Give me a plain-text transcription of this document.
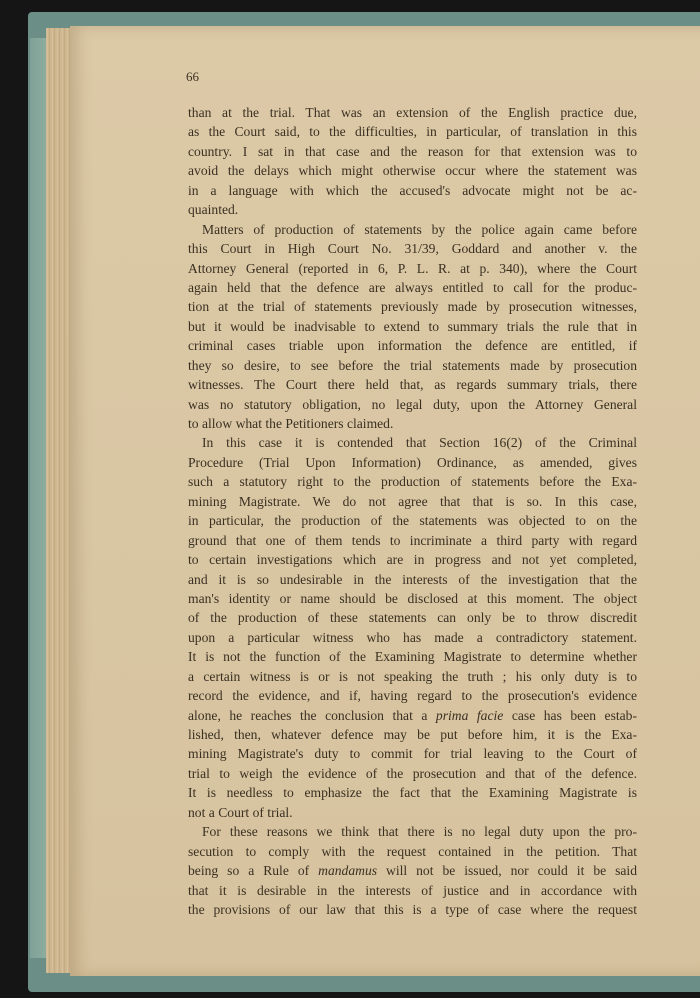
66
than at the trial. That was an extension of the English practice due,
as the Court said, to the difficulties, in particular, of translation in this
country. I sat in that case and the reason for that extension was to
avoid the delays which might otherwise occur where the statement was
in a language with which the accused's advocate might not be ac-
quainted.
Matters of production of statements by the police again came before
this Court in High Court No. 31/39, Goddard and another v. the
Attorney General (reported in 6, P. L. R. at p. 340), where the Court
again held that the defence are always entitled to call for the produc-
tion at the trial of statements previously made by prosecution witnesses,
but it would be inadvisable to extend to summary trials the rule that in
criminal cases triable upon information the defence are entitled, if
they so desire, to see before the trial statements made by prosecution
witnesses. The Court there held that, as regards summary trials, there
was no statutory obligation, no legal duty, upon the Attorney General
to allow what the Petitioners claimed.
In this case it is contended that Section 16(2) of the Criminal
Procedure (Trial Upon Information) Ordinance, as amended, gives
such a statutory right to the production of statements before the Exa-
mining Magistrate. We do not agree that that is so. In this case,
in particular, the production of the statements was objected to on the
ground that one of them tends to incriminate a third party with regard
to certain investigations which are in progress and not yet completed,
and it is so undesirable in the interests of the investigation that the
man's identity or name should be disclosed at this moment. The object
of the production of these statements can only be to throw discredit
upon a particular witness who has made a contradictory statement.
It is not the function of the Examining Magistrate to determine whether
a certain witness is or is not speaking the truth ; his only duty is to
record the evidence, and if, having regard to the prosecution's evidence
alone, he reaches the conclusion that a prima facie case has been estab-
lished, then, whatever defence may be put before him, it is the Exa-
mining Magistrate's duty to commit for trial leaving to the Court of
trial to weigh the evidence of the prosecution and that of the defence.
It is needless to emphasize the fact that the Examining Magistrate is
not a Court of trial.
For these reasons we think that there is no legal duty upon the pro-
secution to comply with the request contained in the petition. That
being so a Rule of mandamus will not be issued, nor could it be said
that it is desirable in the interests of justice and in accordance with
the provisions of our law that this is a type of case where the request
